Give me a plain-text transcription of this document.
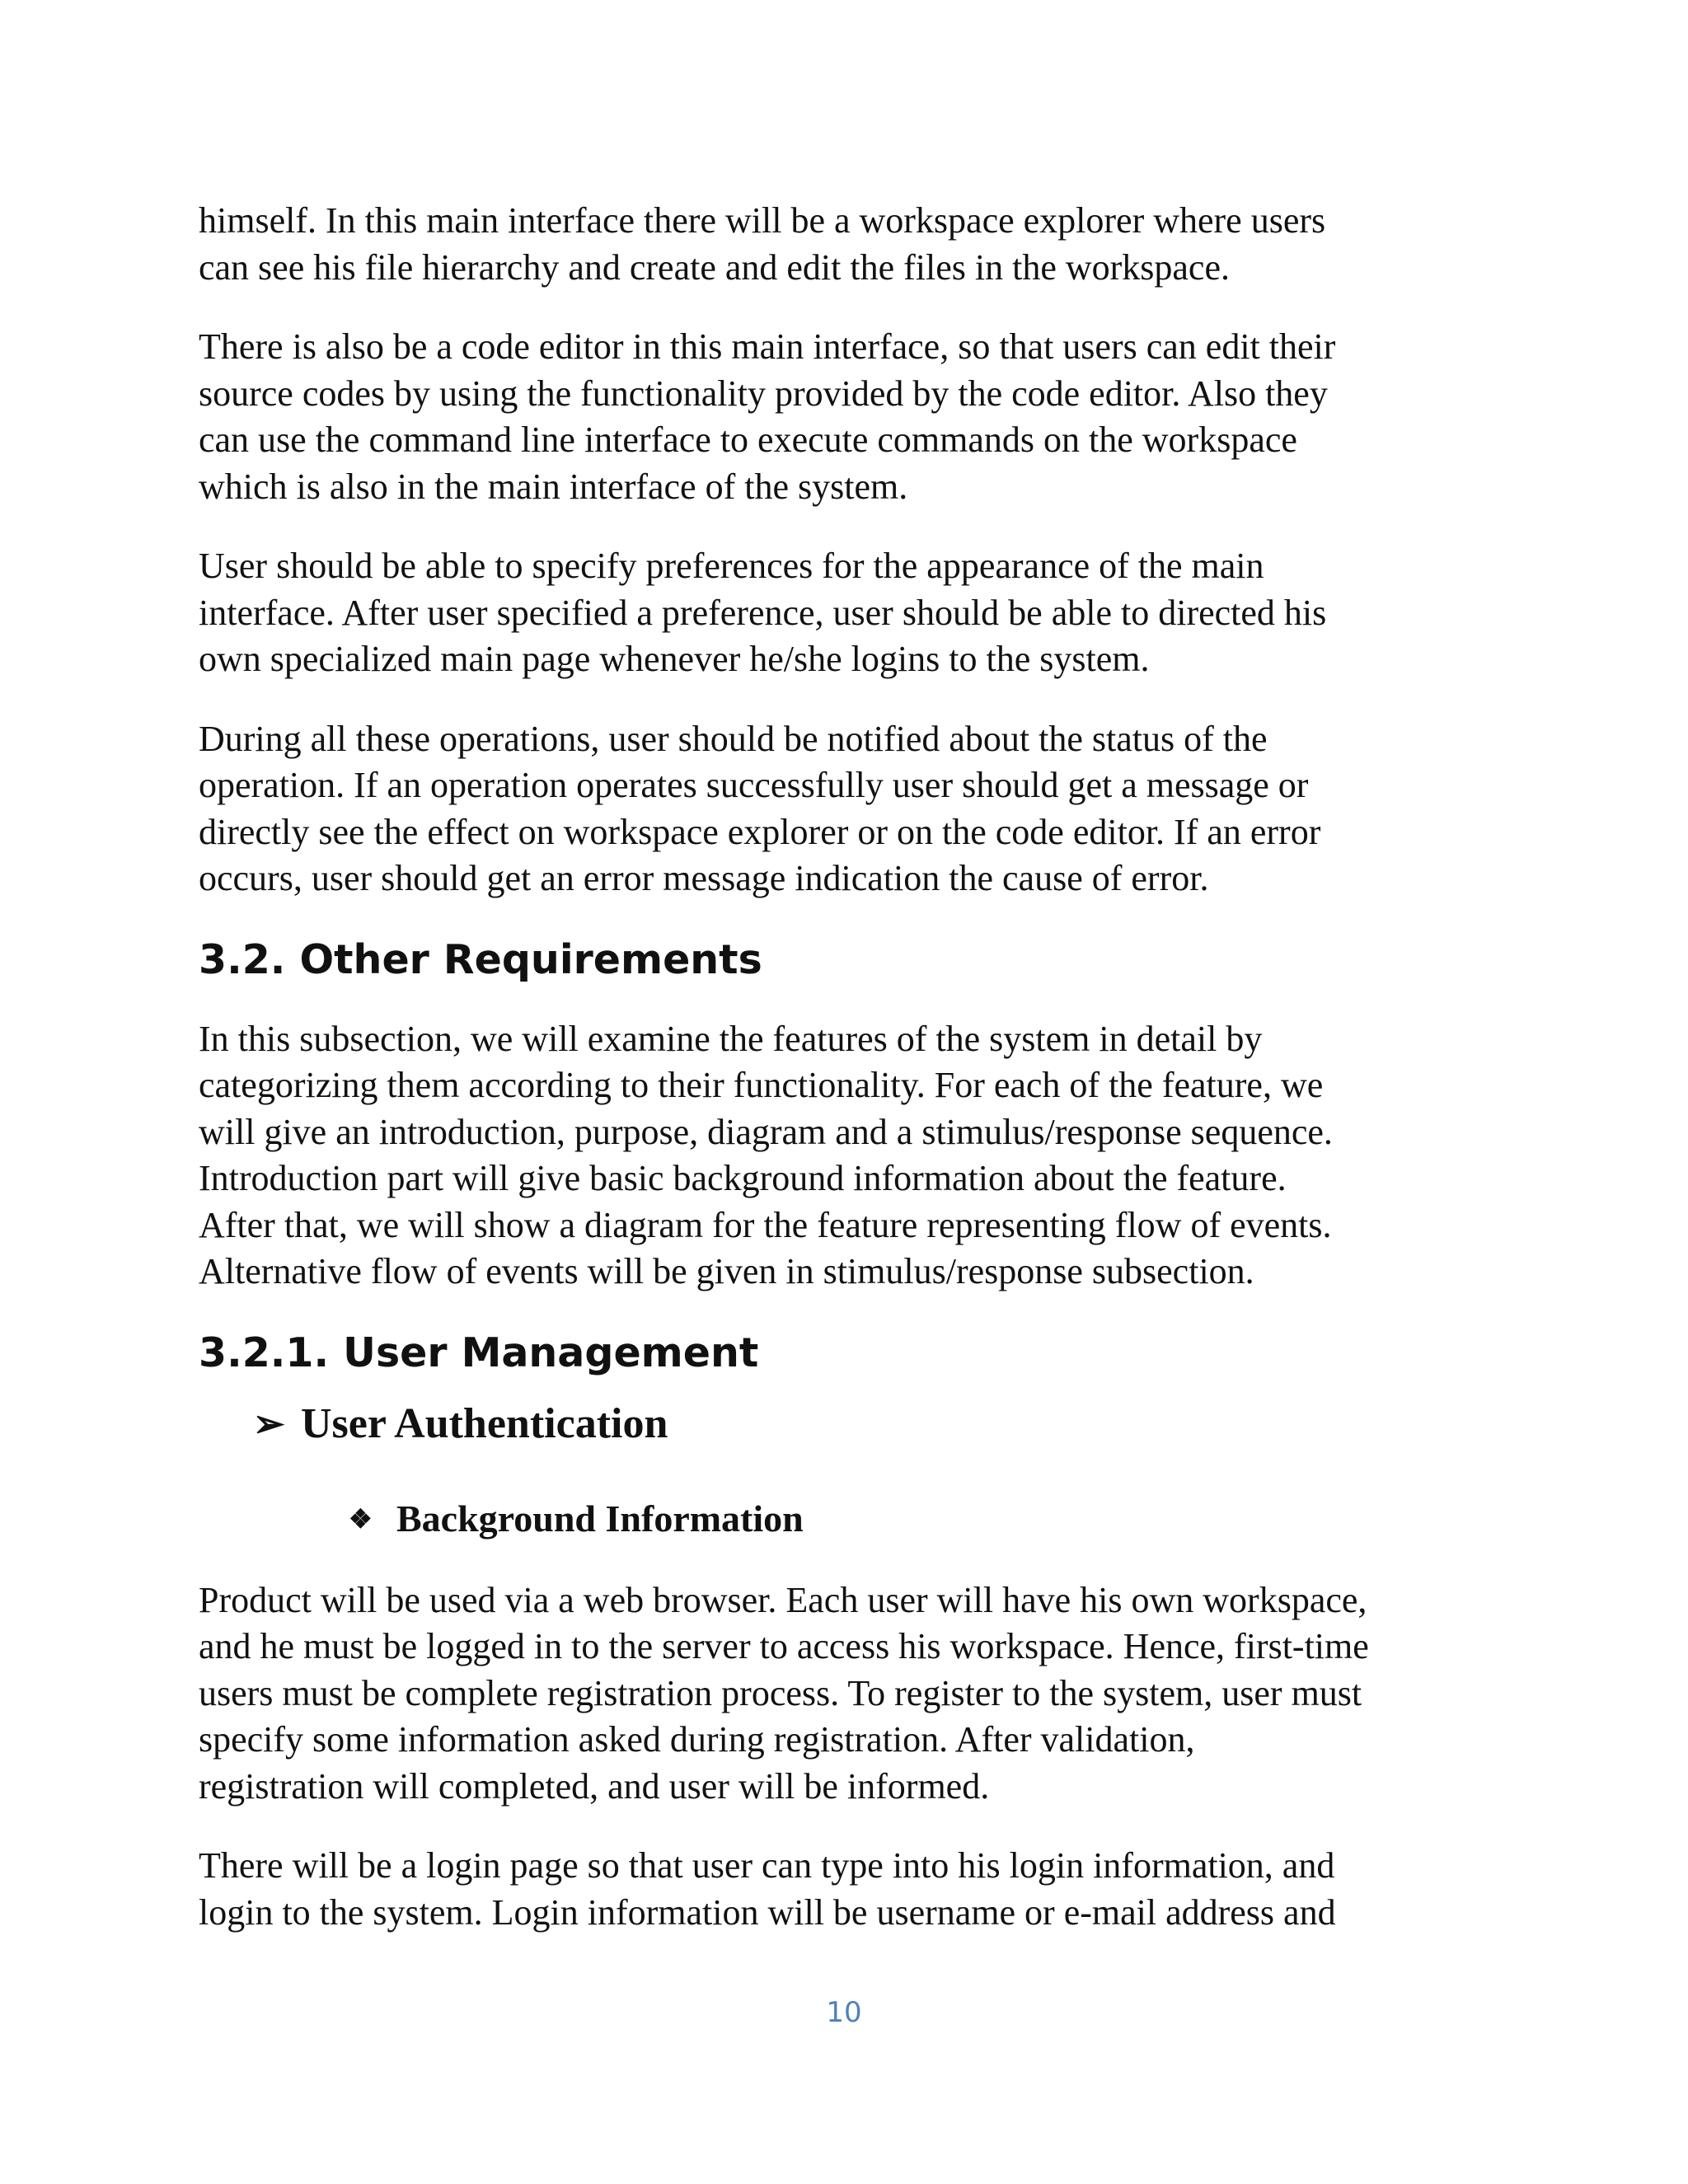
himself. In this main interface there will be a workspace explorer where users
can see his file hierarchy and create and edit the files in the workspace.

There is also be a code editor in this main interface, so that users can edit their
source codes by using the functionality provided by the code editor. Also they
can use the command line interface to execute commands on the workspace
which is also in the main interface of the system.

User should be able to specify preferences for the appearance of the main
interface. After user specified a preference, user should be able to directed his
own specialized main page whenever he/she logins to the system.

During all these operations, user should be notified about the status of the
operation. If an operation operates successfully user should get a message or
directly see the effect on workspace explorer or on the code editor. If an error
occurs, user should get an error message indication the cause of error.

3.2. Other Requirements

In this subsection, we will examine the features of the system in detail by
categorizing them according to their functionality. For each of the feature, we
will give an introduction, purpose, diagram and a stimulus/response sequence.
Introduction part will give basic background information about the feature.
After that, we will show a diagram for the feature representing flow of events.
Alternative flow of events will be given in stimulus/response subsection.

3.2.1. User Management
➢ User Authentication
❖ Background Information

Product will be used via a web browser. Each user will have his own workspace,
and he must be logged in to the server to access his workspace. Hence, first-time
users must be complete registration process. To register to the system, user must
specify some information asked during registration. After validation,
registration will completed, and user will be informed.

There will be a login page so that user can type into his login information, and
login to the system. Login information will be username or e-mail address and

10
